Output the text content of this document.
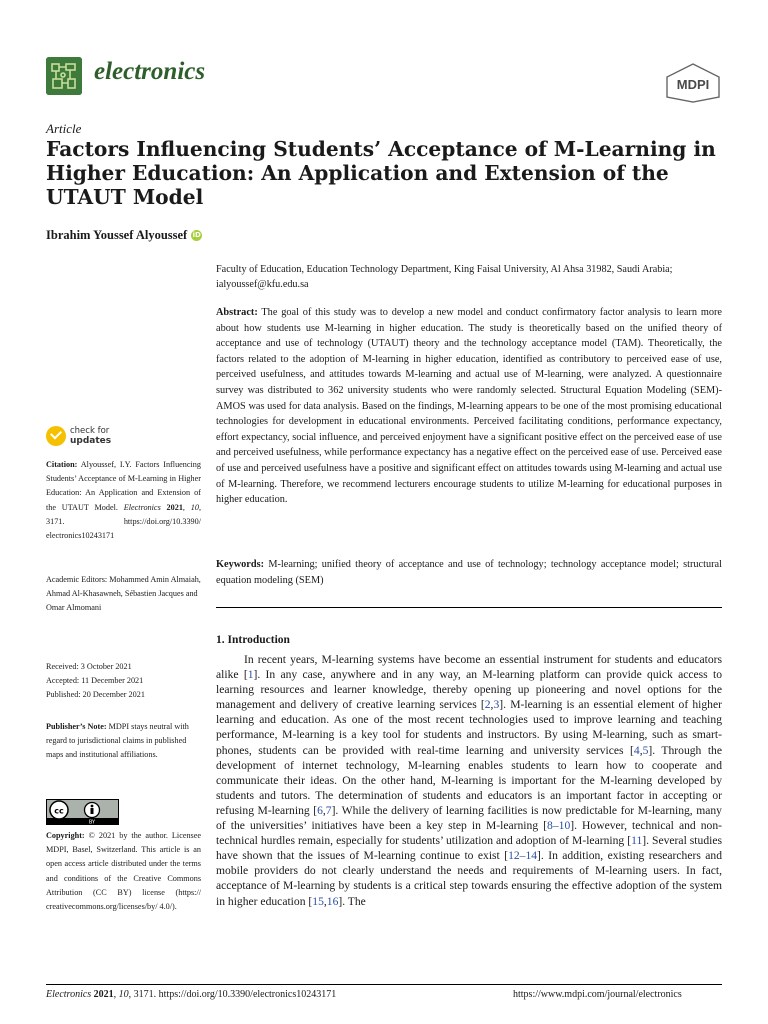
electronics	MDPI
Article
Factors Influencing Students’ Acceptance of M-Learning in Higher Education: An Application and Extension of the UTAUT Model
Ibrahim Youssef Alyoussef iD
Faculty of Education, Education Technology Department, King Faisal University, Al Ahsa 31982, Saudi Arabia;
ialyoussef@kfu.edu.sa
Abstract: The goal of this study was to develop a new model and conduct confirmatory factor analysis to learn more about how students use M-learning in higher education. The study is theoretically based on the unified theory of acceptance and use of technology (UTAUT) theory and the technology acceptance model (TAM). Theoretically, the factors related to the adoption of M-learning in higher education, identified as contributory to perceived ease of use, perceived usefulness, and attitudes towards M-learning and actual use of M-learning, were analyzed. A questionnaire survey was distributed to 362 university students who were randomly selected. Structural Equation Modeling (SEM)-AMOS was used for data analysis. Based on the findings, M-learning appears to be one of the most promising educational technologies for development in educational environments. Perceived facilitating conditions, performance expectancy, effort expectancy, social influence, and perceived enjoyment have a significant positive effect on the perceived ease of use and perceived usefulness, while performance expectancy has a negative effect on the perceived ease of use. Perceived ease of use and perceived usefulness have a positive and significant effect on attitudes towards using M-learning and actual use of M-learning. Therefore, we recommend lecturers encourage students to utilize M-learning for educational purposes in higher education.
Keywords: M-learning; unified theory of acceptance and use of technology; technology acceptance model; structural equation modeling (SEM)
1. Introduction
In recent years, M-learning systems have become an essential instrument for students and educators alike [1]. In any case, anywhere and in any way, an M-learning platform can provide quick access to learning resources and learner knowledge, thereby opening up pioneering and novel options for the management and delivery of creative learning services [2,3]. M-learning is an essential element of higher learning and education. As one of the most recent technologies used to improve learning and teaching performance, M-learning is a key tool for students and instructors. By using M-learning, such as smart-phones, students can be provided with real-time learning and university services [4,5]. Through the development of internet technology, M-learning enables students to learn how to cooperate and communicate their ideas. On the other hand, M-learning is important for the M-learning developed by students and tutors. The determination of students and educators is an important factor in accepting or refusing M-learning [6,7]. While the delivery of learning facilities is now predictable for M-learning, many of the universities’ initiatives have been a key step in M-learning [8–10]. However, technical and non-technical hurdles remain, especially for students’ utilization and adoption of M-learning [11]. Several studies have shown that the issues of M-learning continue to exist [12–14]. In addition, existing researchers and mobile providers do not clearly understand the needs and requirements of M-learning users. In fact, acceptance of M-learning by students is a critical step towards ensuring the effective adoption of the system in higher education [15,16]. The
check for
updates
Citation: Alyoussef, I.Y. Factors Influencing Students’ Acceptance of M-Learning in Higher Education: An Application and Extension of the UTAUT Model. Electronics 2021, 10, 3171. https://doi.org/10.3390/ electronics10243171
Academic Editors: Mohammed Amin Almaiah, Ahmad Al-Khasawneh, Sébastien Jacques and Omar Almomani
Received: 3 October 2021
Accepted: 11 December 2021
Published: 20 December 2021
Publisher’s Note: MDPI stays neutral with regard to jurisdictional claims in published maps and institutional affiliations.
cc
BY
Copyright: © 2021 by the author. Licensee MDPI, Basel, Switzerland. This article is an open access article distributed under the terms and conditions of the Creative Commons Attribution (CC BY) license (https:// creativecommons.org/licenses/by/ 4.0/).
Electronics 2021, 10, 3171. https://doi.org/10.3390/electronics10243171	https://www.mdpi.com/journal/electronics
